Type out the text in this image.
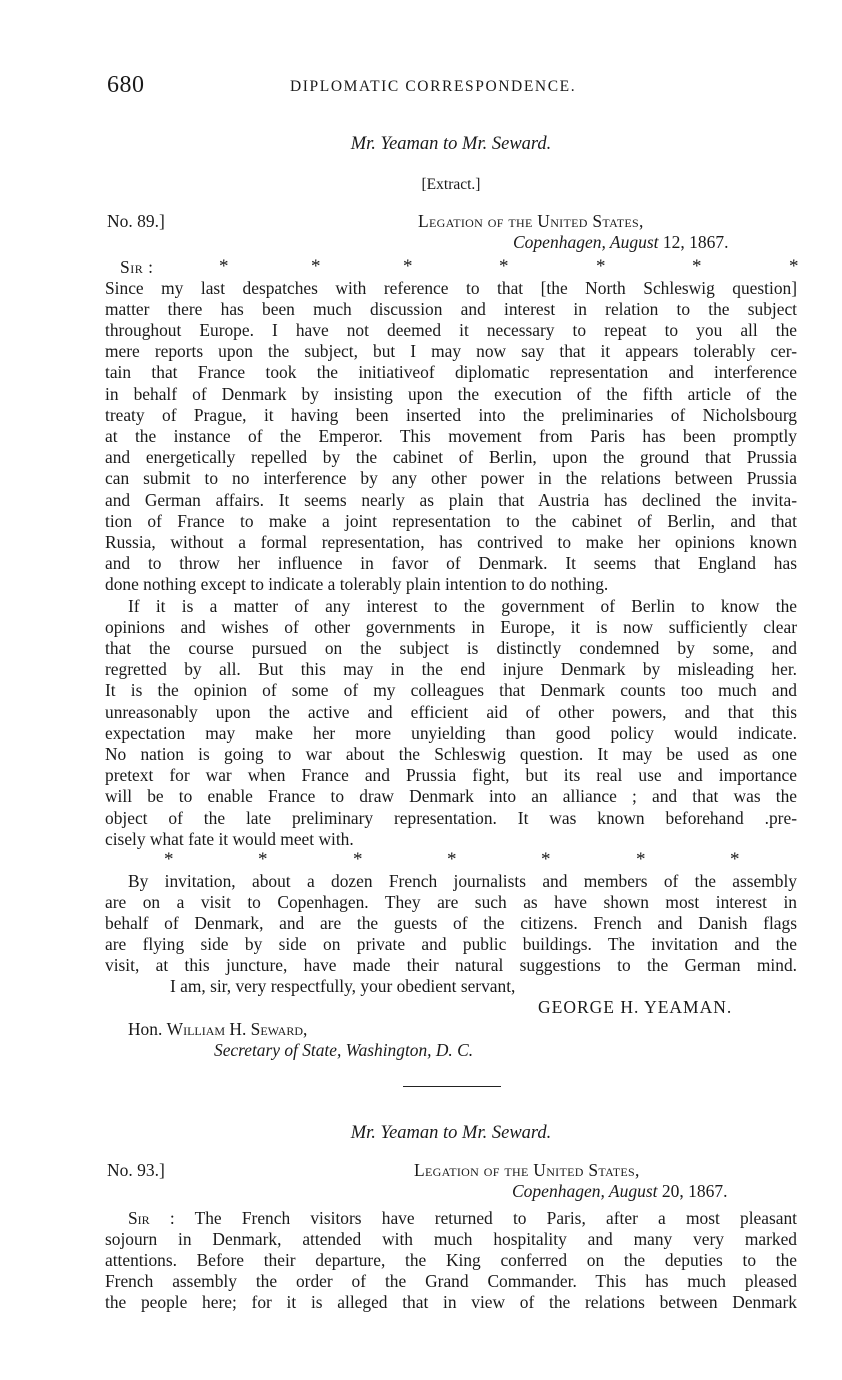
680	DIPLOMATIC CORRESPONDENCE.
Mr. Yeaman to Mr. Seward.
[Extract.]
No. 89.]	Legation of the United States,
Copenhagen, August 12, 1867.
Sir :	*	*	*	*	*	*	*
Since my last despatches with reference to that [the North Schleswig question]
matter there has been much discussion and interest in relation to the subject
throughout Europe. I have not deemed it necessary to repeat to you all the
mere reports upon the subject, but I may now say that it appears tolerably cer-
tain that France took the initiativeof diplomatic representation and interference
in behalf of Denmark by insisting upon the execution of the fifth article of the
treaty of Prague, it having been inserted into the preliminaries of Nicholsbourg
at the instance of the Emperor. This movement from Paris has been promptly
and energetically repelled by the cabinet of Berlin, upon the ground that Prussia
can submit to no interference by any other power in the relations between Prussia
and German affairs. It seems nearly as plain that Austria has declined the invita-
tion of France to make a joint representation to the cabinet of Berlin, and that
Russia, without a formal representation, has contrived to make her opinions known
and to throw her influence in favor of Denmark. It seems that England has
done nothing except to indicate a tolerably plain intention to do nothing.
If it is a matter of any interest to the government of Berlin to know the
opinions and wishes of other governments in Europe, it is now sufficiently clear
that the course pursued on the subject is distinctly condemned by some, and
regretted by all. But this may in the end injure Denmark by misleading her.
It is the opinion of some of my colleagues that Denmark counts too much and
unreasonably upon the active and efficient aid of other powers, and that this
expectation may make her more unyielding than good policy would indicate.
No nation is going to war about the Schleswig question. It may be used as one
pretext for war when France and Prussia fight, but its real use and importance
will be to enable France to draw Denmark into an alliance ; and that was the
object of the late preliminary representation. It was known beforehand .pre-
cisely what fate it would meet with.
*	*	*	*	*	*	*
By invitation, about a dozen French journalists and members of the assembly
are on a visit to Copenhagen. They are such as have shown most interest in
behalf of Denmark, and are the guests of the citizens. French and Danish flags
are flying side by side on private and public buildings. The invitation and the
visit, at this juncture, have made their natural suggestions to the German mind.
I am, sir, very respectfully, your obedient servant,
GEORGE H. YEAMAN.
Hon. William H. Seward,
Secretary of State, Washington, D. C.
Mr. Yeaman to Mr. Seward.
No. 93.]	Legation of the United States,
Copenhagen, August 20, 1867.
Sir : The French visitors have returned to Paris, after a most pleasant
sojourn in Denmark, attended with much hospitality and many very marked
attentions. Before their departure, the King conferred on the deputies to the
French assembly the order of the Grand Commander. This has much pleased
the people here; for it is alleged that in view of the relations between Denmark
